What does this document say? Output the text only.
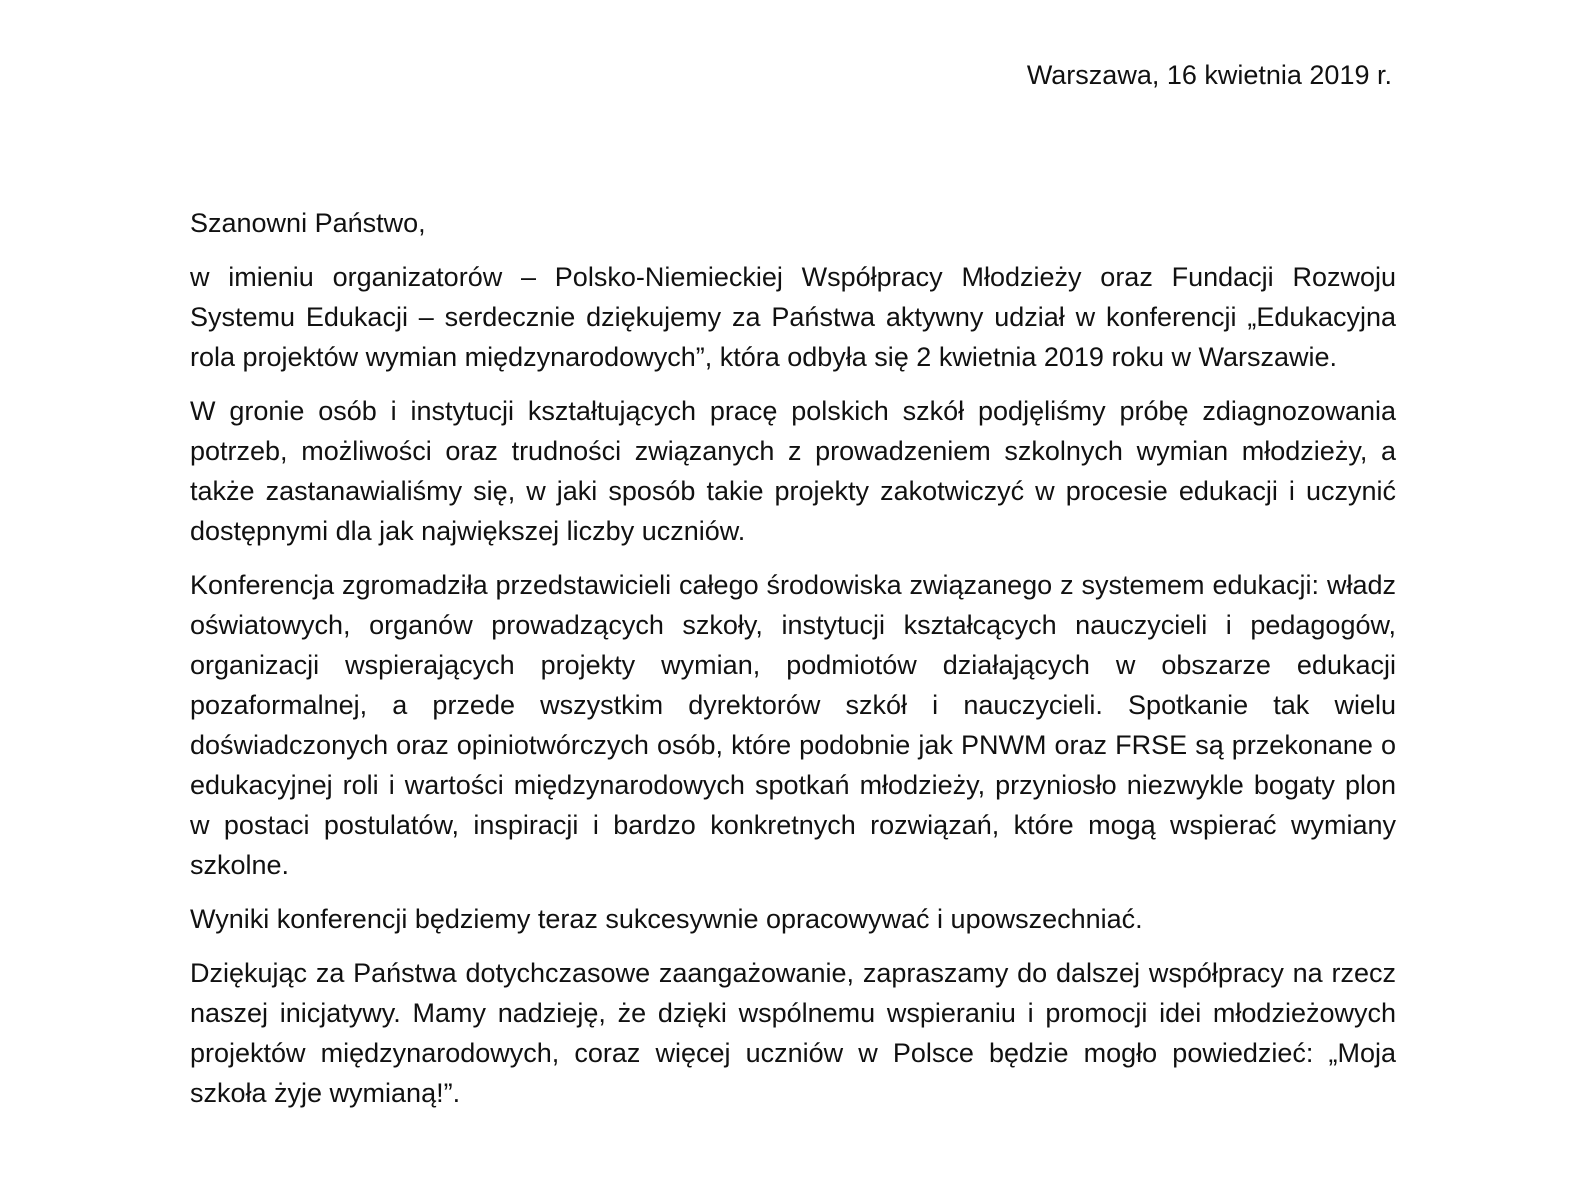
Warszawa, 16 kwietnia 2019 r.

Szanowni Państwo,

w imieniu organizatorów – Polsko-Niemieckiej Współpracy Młodzieży oraz Fundacji Rozwoju Systemu Edukacji – serdecznie dziękujemy za Państwa aktywny udział w konferencji „Edukacyjna rola projektów wymian międzynarodowych”, która odbyła się 2 kwietnia 2019 roku w Warszawie.

W gronie osób i instytucji kształtujących pracę polskich szkół podjęliśmy próbę zdiagnozowania potrzeb, możliwości oraz trudności związanych z prowadzeniem szkolnych wymian młodzieży, a także zastanawialiśmy się, w jaki sposób takie projekty zakotwiczyć w procesie edukacji i uczynić dostępnymi dla jak największej liczby uczniów.

Konferencja zgromadziła przedstawicieli całego środowiska związanego z systemem edukacji: władz oświatowych, organów prowadzących szkoły, instytucji kształcących nauczycieli i pedagogów, organizacji wspierających projekty wymian, podmiotów działających w obszarze edukacji pozaformalnej, a przede wszystkim dyrektorów szkół i nauczycieli. Spotkanie tak wielu doświadczonych oraz opiniotwórczych osób, które podobnie jak PNWM oraz FRSE są przekonane o edukacyjnej roli i wartości międzynarodowych spotkań młodzieży, przyniosło niezwykle bogaty plon w postaci postulatów, inspiracji i bardzo konkretnych rozwiązań, które mogą wspierać wymiany szkolne.

Wyniki konferencji będziemy teraz sukcesywnie opracowywać i upowszechniać.

Dziękując za Państwa dotychczasowe zaangażowanie, zapraszamy do dalszej współpracy na rzecz naszej inicjatywy. Mamy nadzieję, że dzięki wspólnemu wspieraniu i promocji idei młodzieżowych projektów międzynarodowych, coraz więcej uczniów w Polsce będzie mogło powiedzieć: „Moja szkoła żyje wymianą!”.
